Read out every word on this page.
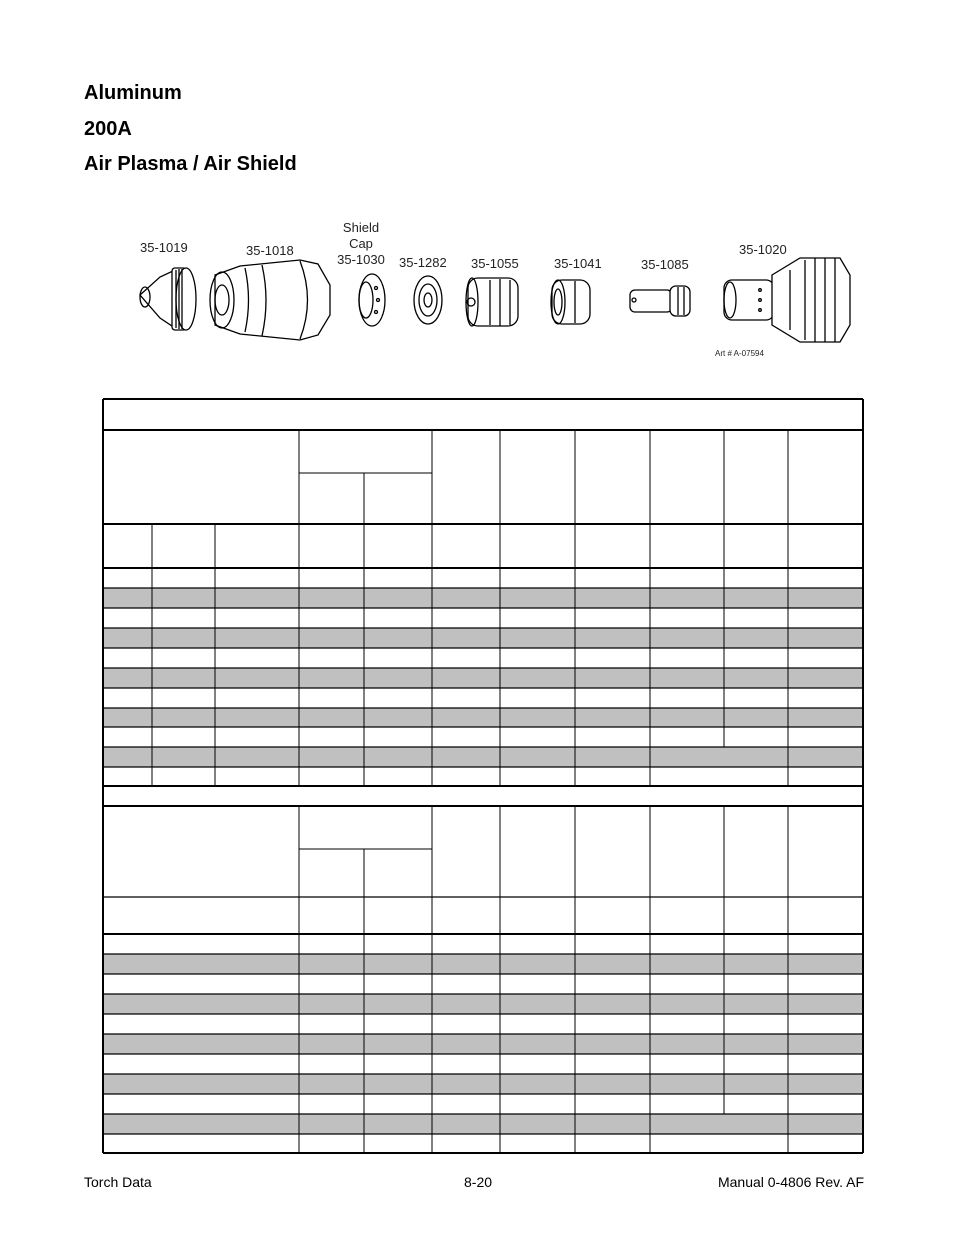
Aluminum
200A
Air Plasma / Air Shield
35-1019	35-1018
Shield
Cap
35-1030	35-1282 35-1055	35-1041	35-1085
35-1020
Art # A-07594
Torch Data	8-20	Manual 0-4806 Rev. AF
